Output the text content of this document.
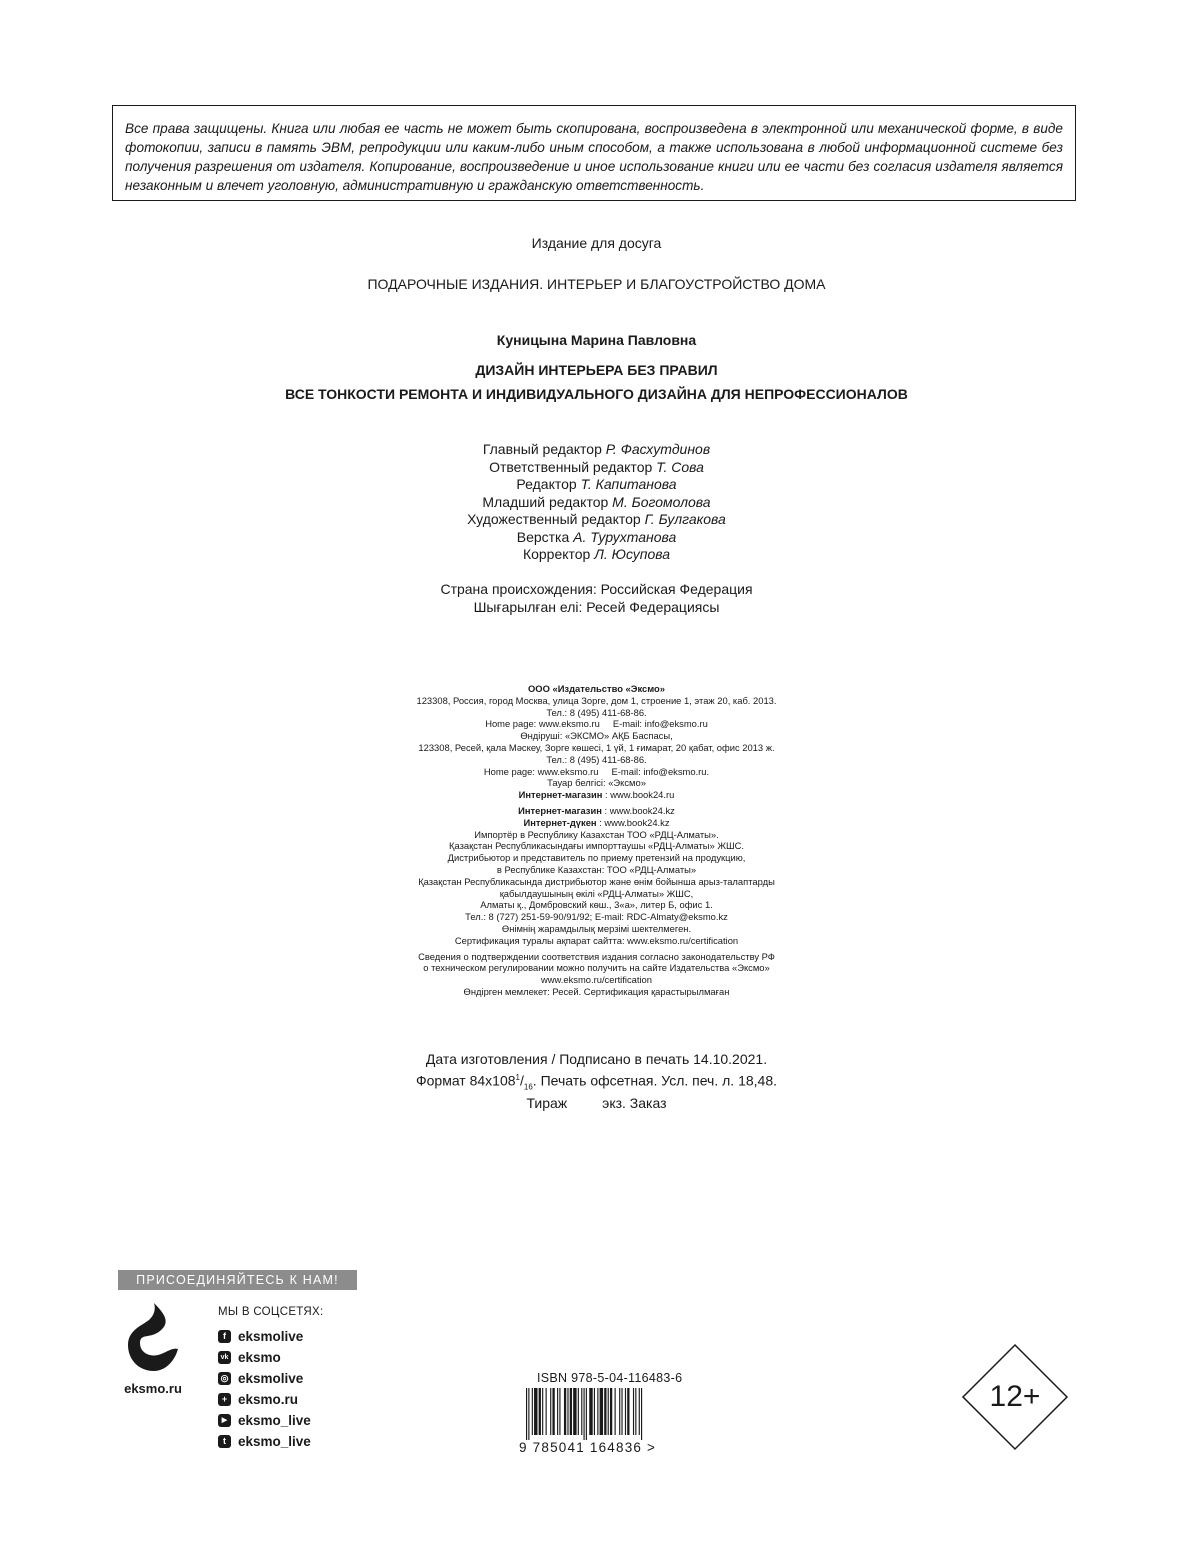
Все права защищены. Книга или любая ее часть не может быть скопирована, воспроизведена в электронной или механической форме, в виде фотокопии, записи в память ЭВМ, репродукции или каким-либо иным способом, а также использована в любой информационной системе без получения разрешения от издателя. Копирование, воспроизведение и иное использование книги или ее части без согласия издателя является незаконным и влечет уголовную, административную и гражданскую ответственность.

Издание для досуга
ПОДАРОЧНЫЕ ИЗДАНИЯ. ИНТЕРЬЕР И БЛАГОУСТРОЙСТВО ДОМА
Куницына Марина Павловна
ДИЗАЙН ИНТЕРЬЕРА БЕЗ ПРАВИЛ
ВСЕ ТОНКОСТИ РЕМОНТА И ИНДИВИДУАЛЬНОГО ДИЗАЙНА ДЛЯ НЕПРОФЕССИОНАЛОВ
Главный редактор Р. Фасхутдинов
Ответственный редактор Т. Сова
Редактор Т. Капитанова
Младший редактор М. Богомолова
Художественный редактор Г. Булгакова
Верстка А. Турухтанова
Корректор Л. Юсупова
Страна происхождения: Российская Федерация
Шығарылған елі: Ресей Федерациясы
ООО «Издательство «Эксмо»
123308, Россия, город Москва, улица Зорге, дом 1, строение 1, этаж 20, каб. 2013.
Тел.: 8 (495) 411-68-86.
Home page: www.eksmo.ru     E-mail: info@eksmo.ru
Өндіруші: «ЭКСМО» АҚБ Баспасы,
123308, Ресей, қала Мәскеу, Зорге көшесі, 1 үй, 1 ғимарат, 20 қабат, офис 2013 ж.
Тел.: 8 (495) 411-68-86.
Home page: www.eksmo.ru     E-mail: info@eksmo.ru.
Тауар белгісі: «Эксмо»
Интернет-магазин : www.book24.ru
Интернет-магазин : www.book24.kz
Интернет-дүкен : www.book24.kz
Импортёр в Республику Казахстан ТОО «РДЦ-Алматы».
Қазақстан Республикасындағы импорттаушы «РДЦ-Алматы» ЖШС.
Дистрибьютор и представитель по приему претензий на продукцию,
в Республике Казахстан: ТОО «РДЦ-Алматы»
Қазақстан Республикасында дистрибьютор және өнім бойынша арыз-талаптарды
қабылдаушының өкілі «РДЦ-Алматы» ЖШС,
Алматы қ., Домбровский көш., 3«а», литер Б, офис 1.
Тел.: 8 (727) 251-59-90/91/92; E-mail: RDC-Almaty@eksmo.kz
Өнімнің жарамдылық мерзімі шектелмеген.
Сертификация туралы ақпарат сайтта: www.eksmo.ru/certification
Сведения о подтверждении соответствия издания согласно законодательству РФ
о техническом регулировании можно получить на сайте Издательства «Эксмо»
www.eksmo.ru/certification
Өндірген мемлекет: Ресей. Сертификация қарастырылмаған
Дата изготовления / Подписано в печать 14.10.2021.
Формат $84x108^1/_{16}$. Печать офсетная. Усл. печ. л. 18,48.
Тираж	экз. Заказ
ПРИСОЕДИНЯЙТЕСЬ К НАМ!
eksmo.ru
МЫ В СОЦСЕТЯХ:
f eksmolive
vk eksmo
◎ eksmolive
+ eksmo.ru
▶ eksmo_live
t eksmo_live
ISBN 978-5-04-116483-6
9 785041 164836 >
12+
